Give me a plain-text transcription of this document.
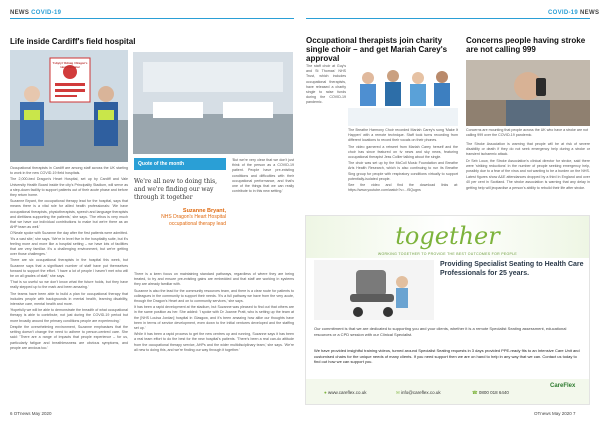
NEWS COVID-19
Life inside Cardiff's field hospital
Ysbyty'r Ddraig / Dragon's Heart Hospital

Occupational therapists in Cardiff are among staff across the UK starting to work in the new COVID-19 field hospitals.

The 2,000-bed Dragon's Heart Hospital, set up by Cardiff and Vale University Health Board inside the city's Principality Stadium, will serve as a step-down facility to support patients out of their acute phase and before they return home.

Suzanne Bryant, the occupational therapy lead for the hospital, says that means there is a vital role for allied health professionals: 'We have occupational therapists, physiotherapists, speech and language therapists and dietitians supporting the patients,' she says. 'The ethos is very much that we have our individual contributions to make but we're there as an AHP team as well.'

O'Neale spoke with Suzanne the day after the first patients were admitted. 'It's a vast site,' she says. 'We're in level five in the hospitality suite, but it's feeling more and more like a hospital setting – we have lots of facilities that are very familiar. It's a challenging environment, but we're getting over those challenges.'

There are six occupational therapists in the hospital this week, but Suzanne says that a significant number of staff have put themselves forward to support the effort. 'I have a lot of people I haven't met who will be on all grades of staff,' she says.

'That is so useful so we don't know what the future holds, but they have really stepped up to the mark and been amazing.'

The teams have been able to build a plan for occupational therapy that includes people with backgrounds in mental health, learning disability, intensive care, mental health and more.

'Hopefully we will be able to demonstrate the breadth of what occupational therapy is able to contribute, not just during the COVID-19 period but more broadly around the primary conditions people are experiencing.'

Despite the overwhelming environment, Suzanne emphasises that the setting doesn't change the need to adhere to person-centred care. She said: 'There are a range of impacts that people experience – for us, particularly fatigue and breathlessness are obvious symptoms, and people are anxious too.'

Quote of the month
We're all new to doing this, and we're finding our way through it together
Suzanne Bryant,
NHS Dragon's Heart Hospital occupational therapy lead

'But we're very clear that we don't just think of the person as a COVID-19 patient. People have pre-existing conditions and difficulties with their occupational performance, and that's one of the things that we can really contribute to in this new setting.'

There is a keen focus on maintaining standard pathways, regardless of where they are being treated, to try and ensure pre-existing gains are embedded and that staff are working in systems they are already familiar with.

Suzanne is also the lead for the community resources team, and there is a clear route for patients to colleagues in the community to support their needs. 'It's a full pathway we have from the very acute, through the Dragon's Heart and on to community services,' she says.

It has been a rapid development at the stadium, but Suzanne was pleased to find out that others are in the same position as her. She added: 'I spoke with Dr Joanne Pratt, who is setting up the team at the [NHS Louisa Jordan] hospital in Glasgow, and it's been amazing how alike our thoughts have been in terms of service development, even down to the initial ventures developed and the staffing set up.'

While it has been a rapid process to get the new centres up and running, Suzanne says it has been a real team effort to do the best for the new hospital's patients. 'There's been a real can-do attitude from the occupational therapy service, AHPs and the wider multidisciplinary team,' she says. 'We're all new to doing this, and we're finding our way through it together.'

6 OTnews May 2020
COVID-19 NEWS
Occupational therapists join charity single choir – and get Mariah Carey's approval

The staff choir at Guy's and St Thomas' NHS Trust, which includes occupational therapists, have released a charity single to raise funds during the COVID-19 pandemic.

The Breathe Harmony Choir recorded Mariah Carey's song 'Make It Happen' with a remote technique. Staff took turns recording from different locations to record their vocals on their phones.

The video garnered a retweet from Mariah Carey herself and the choir has since featured on tv news and sky news, featuring occupational therapist Jess Collier talking about the single.

The choir was set up by the McColl Music Foundation and Breathe Arts Health Research, which is also continuing to run its Breathe Sing group for people with respiratory conditions virtually to support potentially-isolated people.

See the video and find the download links at: https://www.youtube.com/watch?v=...f5Qugns

Concerns people having stroke are not calling 999
Concerns are mounting that people across the UK who have a stroke are not calling 999 over the COVID-19 pandemic.

The Stroke Association is warning that people will be at risk of severe disability or death if they do not seek emergency help during a stroke or transient ischaemic attack.

Dr Seb Louw, the Stroke Association's clinical director for stroke, said there were 'striking reductions' in the number of people seeking emergency help, possibly due to a fear of the virus and not wanting to be a burden on the NHS.

Latest figures show A&E attendances dropped by a third in England and over 40 per cent in Scotland. The stroke association is warning that any delay in getting help will jeopardise a person's ability to rebuild their life after stroke.

OTnews May 2020 7
together
WORKING TOGETHER TO PROVIDE THE BEST OUTCOMES FOR PEOPLE
Providing Specialist Seating to Health Care Professionals for 25 years.
Our commitment is that we are dedicated to supporting you and your clients, whether it is a remote Specialist Seating assessment, educational resources or a CPD session with our Clinical Specialist.
We have provided insightful training videos, turned around Specialist Seating requests in 3 days provided PPE-ready fits to an Intensive Care Unit and customised chairs for the unique needs of many clients. If you need support then we are on hand to help in any way that we can. Contact us today to find out how we can support you.
● www.careflex.co.uk	✉ info@careflex.co.uk	☎ 0800 018 6440
CareFlex
